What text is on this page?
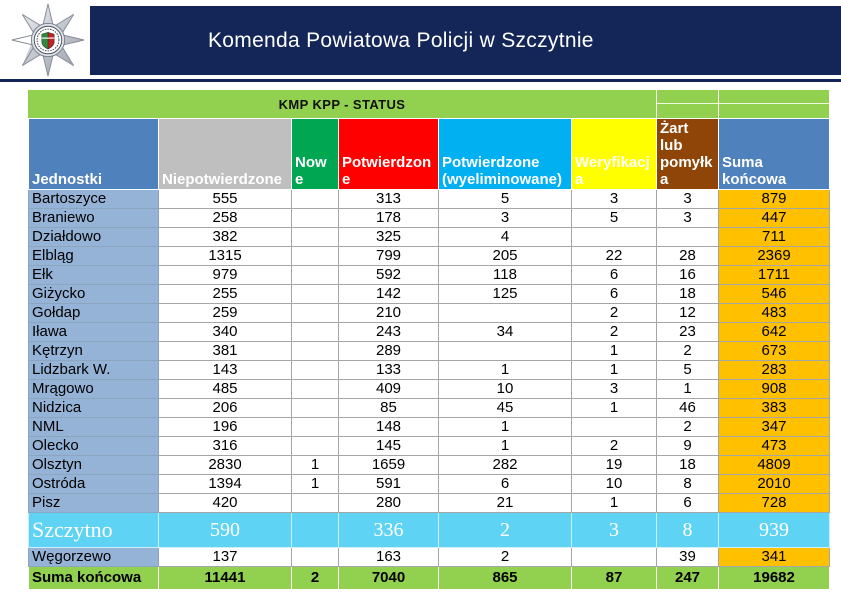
Komenda Powiatowa Policji w Szczytnie
KMP KPP - STATUS
Jednostki	Niepotwierdzone	Nowe	Potwierdzone	Potwierdzone (wyeliminowane)	Weryfikacja	Żart lub pomyłka	Suma końcowa
Bartoszyce	555		313	5	3	3	879
Braniewo	258		178	3	5	3	447
Działdowo	382		325	4			711
Elbląg	1315		799	205	22	28	2369
Ełk	979		592	118	6	16	1711
Giżycko	255		142	125	6	18	546
Gołdap	259		210		2	12	483
Iława	340		243	34	2	23	642
Kętrzyn	381		289		1	2	673
Lidzbark W.	143		133	1	1	5	283
Mrągowo	485		409	10	3	1	908
Nidzica	206		85	45	1	46	383
NML	196		148	1		2	347
Olecko	316		145	1	2	9	473
Olsztyn	2830	1	1659	282	19	18	4809
Ostróda	1394	1	591	6	10	8	2010
Pisz	420		280	21	1	6	728
Szczytno	590		336	2	3	8	939
Węgorzewo	137		163	2		39	341
Suma końcowa	11441	2	7040	865	87	247	19682
